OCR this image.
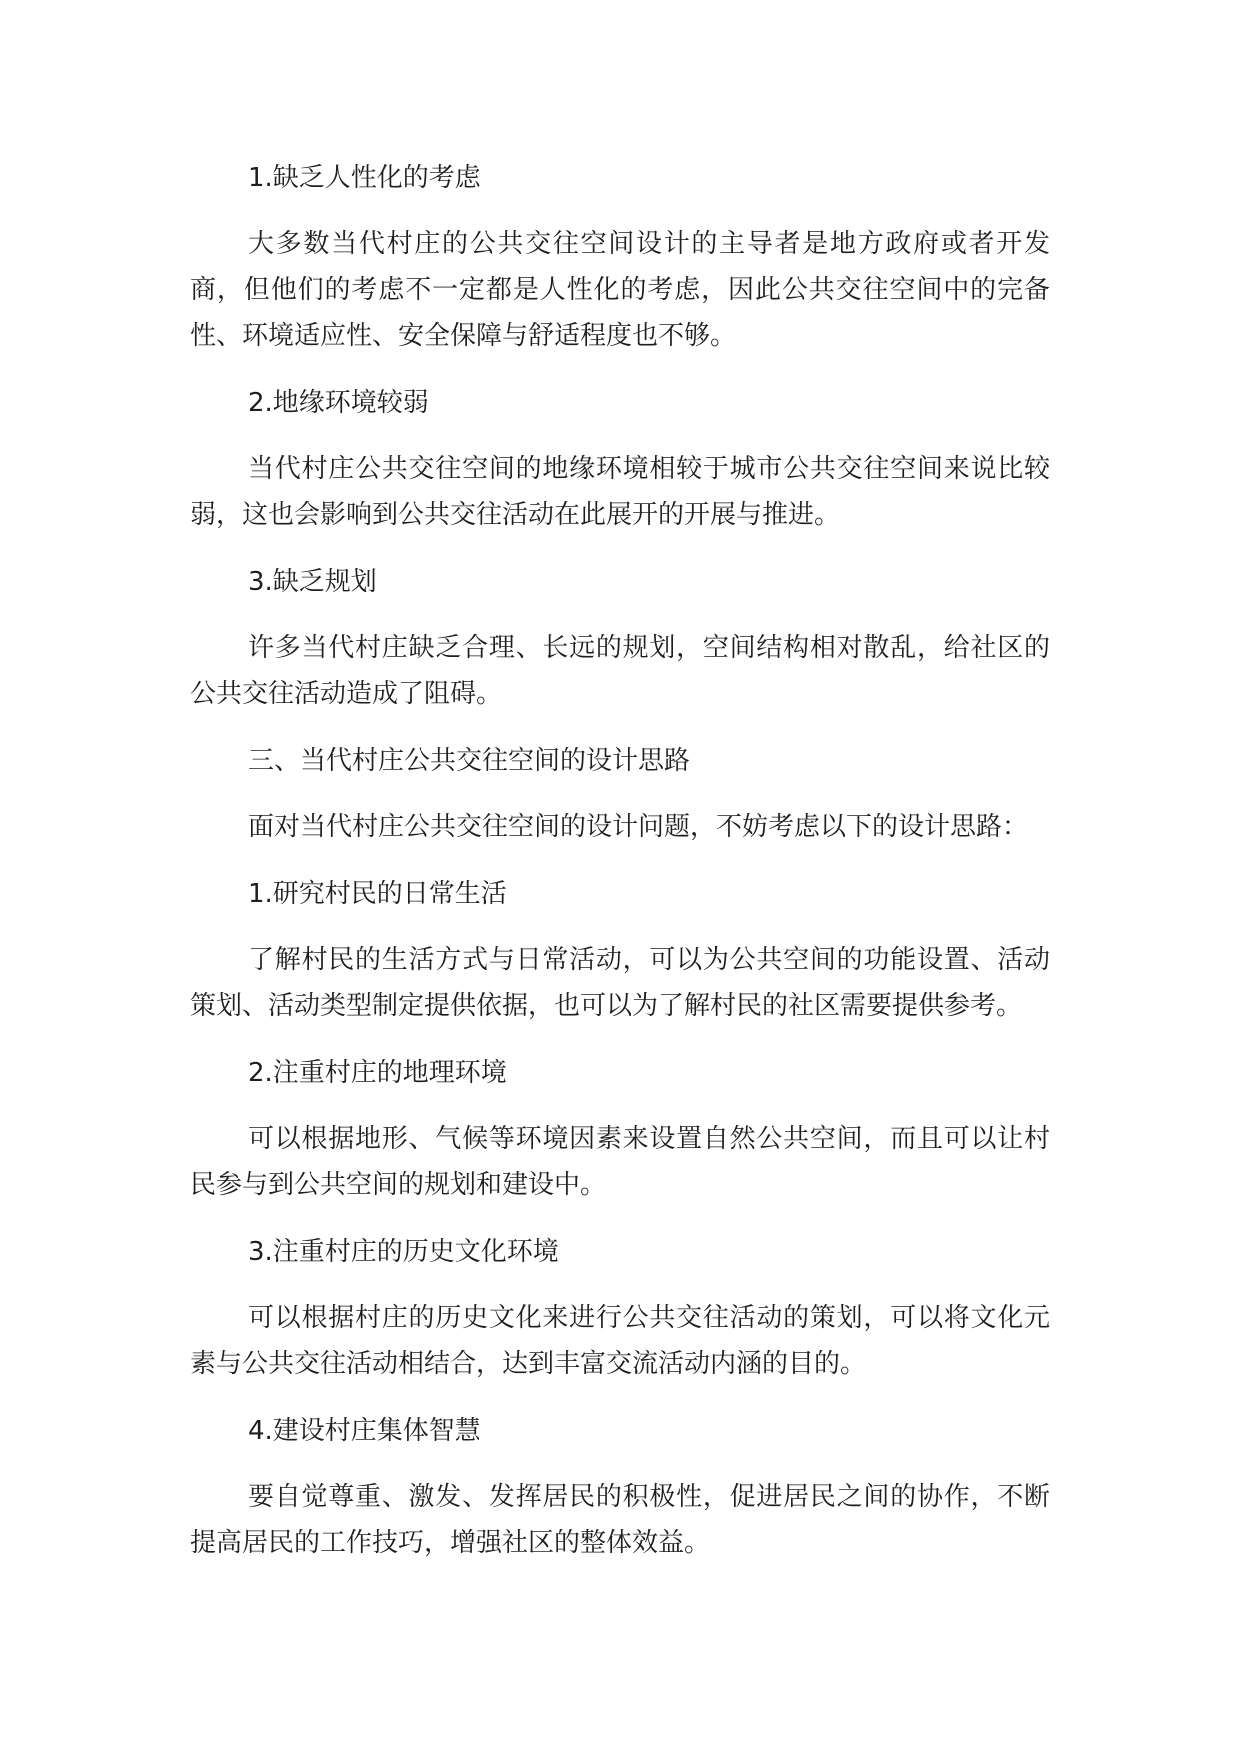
1.缺乏人性化的考虑

大多数当代村庄的公共交往空间设计的主导者是地方政府或者开发商，但他们的考虑不一定都是人性化的考虑，因此公共交往空间中的完备性、环境适应性、安全保障与舒适程度也不够。

2.地缘环境较弱

当代村庄公共交往空间的地缘环境相较于城市公共交往空间来说比较弱，这也会影响到公共交往活动在此展开的开展与推进。

3.缺乏规划

许多当代村庄缺乏合理、长远的规划，空间结构相对散乱，给社区的公共交往活动造成了阻碍。

三、当代村庄公共交往空间的设计思路

面对当代村庄公共交往空间的设计问题，不妨考虑以下的设计思路：

1.研究村民的日常生活

了解村民的生活方式与日常活动，可以为公共空间的功能设置、活动策划、活动类型制定提供依据，也可以为了解村民的社区需要提供参考。

2.注重村庄的地理环境

可以根据地形、气候等环境因素来设置自然公共空间，而且可以让村民参与到公共空间的规划和建设中。

3.注重村庄的历史文化环境

可以根据村庄的历史文化来进行公共交往活动的策划，可以将文化元素与公共交往活动相结合，达到丰富交流活动内涵的目的。

4.建设村庄集体智慧

要自觉尊重、激发、发挥居民的积极性，促进居民之间的协作，不断提高居民的工作技巧，增强社区的整体效益。
